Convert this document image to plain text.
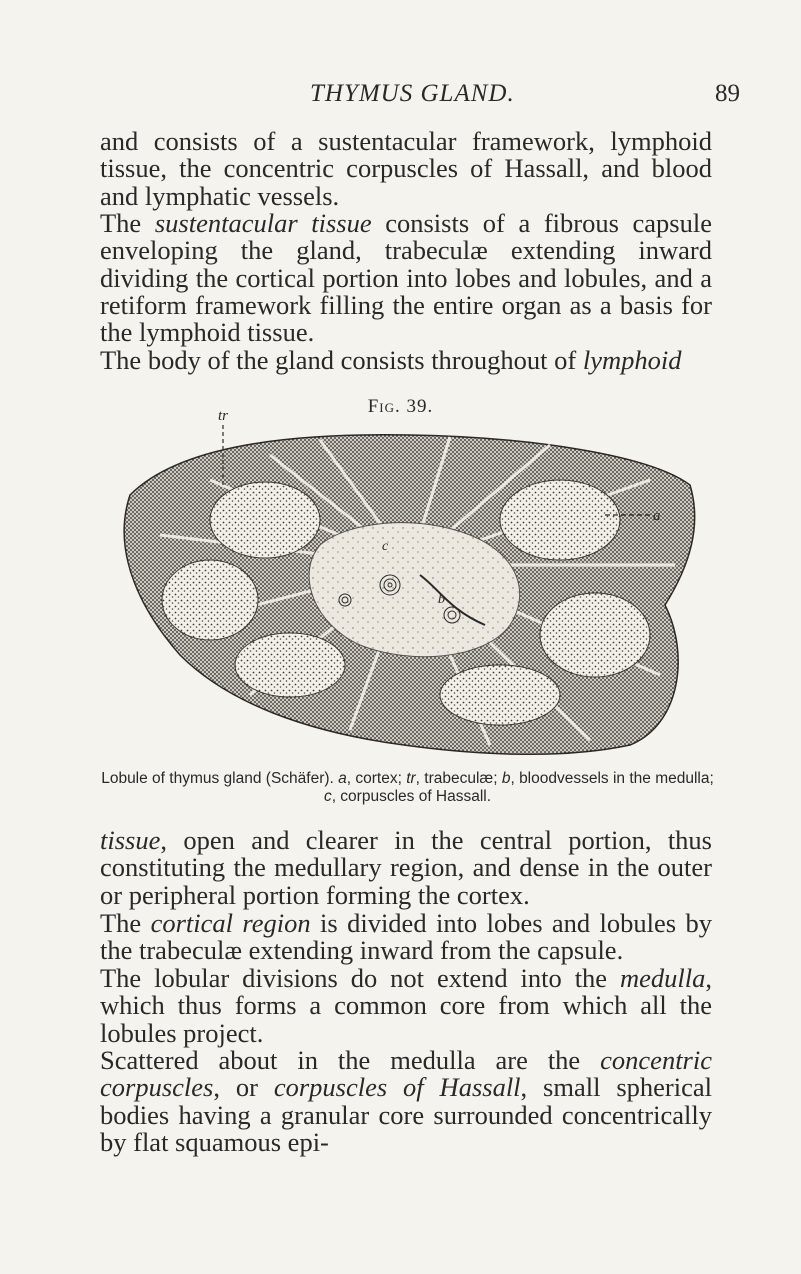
THYMUS GLAND.	89

and consists of a sustentacular framework, lymphoid tissue, the concentric corpuscles of Hassall, and blood and lymphatic vessels.

The sustentacular tissue consists of a fibrous capsule enveloping the gland, trabeculæ extending inward dividing the cortical portion into lobes and lobules, and a retiform framework filling the entire organ as a basis for the lymphoid tissue.

The body of the gland consists throughout of lymphoid

Fig. 39.
tr
a
c
b
Lobule of thymus gland (Schäfer). a, cortex; tr, trabeculæ; b, bloodvessels in the medulla; c, corpuscles of Hassall.

tissue, open and clearer in the central portion, thus constituting the medullary region, and dense in the outer or peripheral portion forming the cortex.

The cortical region is divided into lobes and lobules by the trabeculæ extending inward from the capsule.

The lobular divisions do not extend into the medulla, which thus forms a common core from which all the lobules project.

Scattered about in the medulla are the concentric corpuscles, or corpuscles of Hassall, small spherical bodies having a granular core surrounded concentrically by flat squamous epi-
